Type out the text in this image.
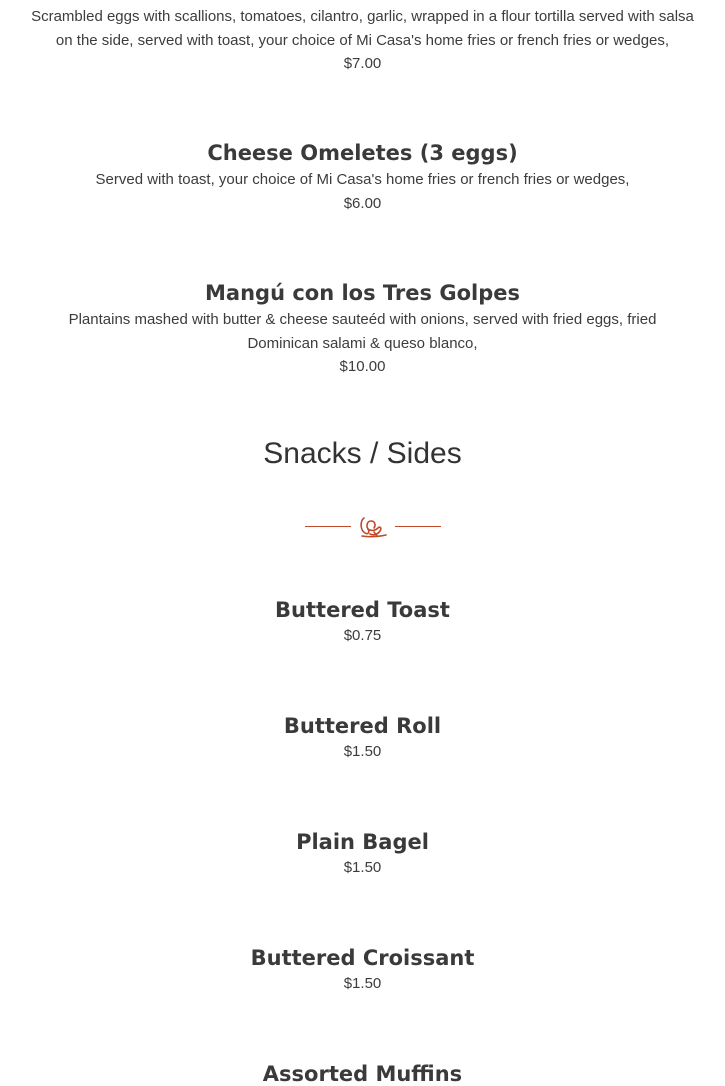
Scrambled eggs with scallions, tomatoes, cilantro, garlic, wrapped in a flour tortilla served with salsa on the side, served with toast, your choice of Mi Casa's home fries or french fries or wedges,

$7.00

Cheese Omeletes (3 eggs)

Served with toast, your choice of Mi Casa's home fries or french fries or wedges,

$6.00

Mangú con los Tres Golpes

Plantains mashed with butter & cheese sauteéd with onions, served with fried eggs, fried Dominican salami & queso blanco,

$10.00

Snacks / Sides
Buttered Toast

$0.75

Buttered Roll

$1.50

Plain Bagel

$1.50

Buttered Croissant

$1.50

Assorted Muffins
